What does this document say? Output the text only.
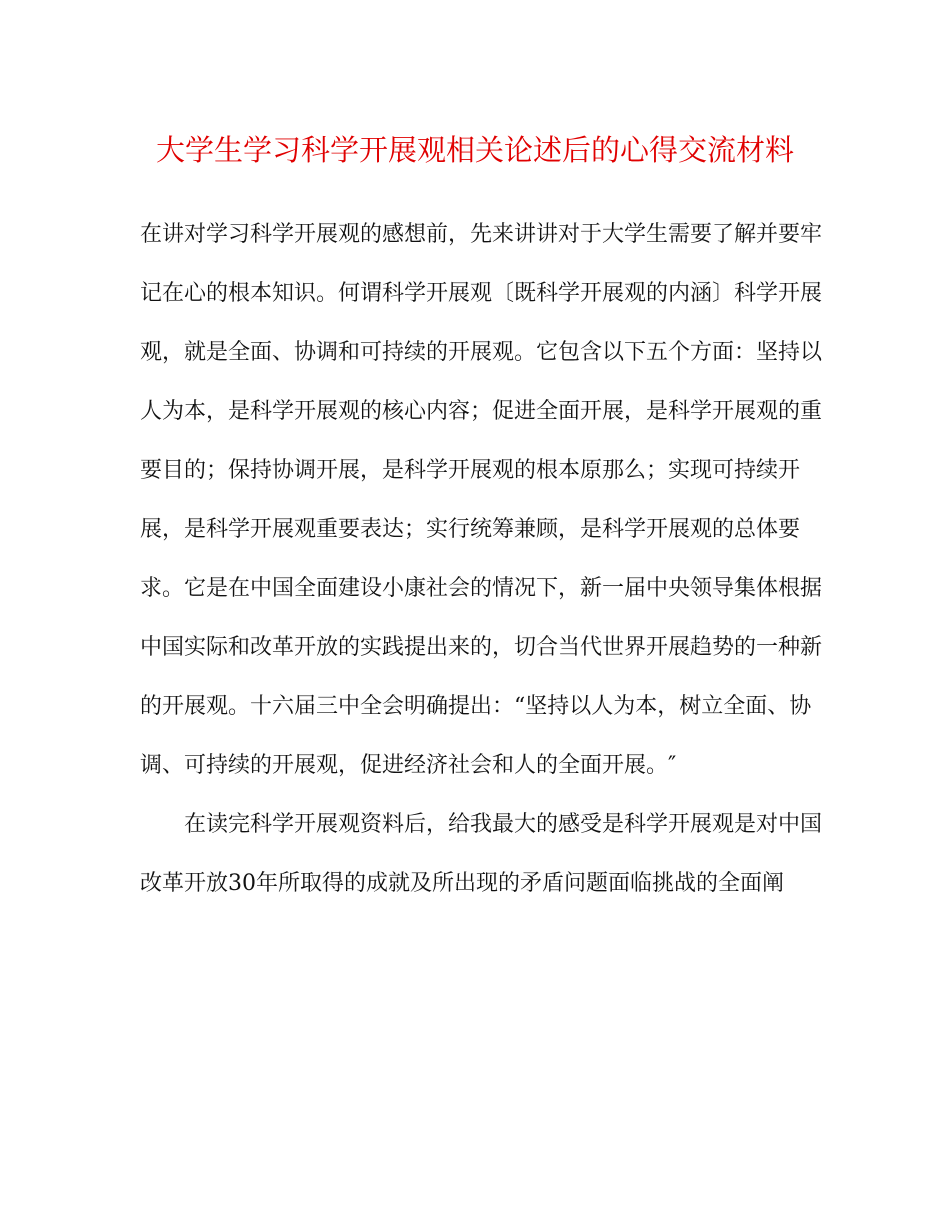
大学生学习科学开展观相关论述后的心得交流材料

在讲对学习科学开展观的感想前，先来讲讲对于大学生需要了解并要牢
记在心的根本知识。何谓科学开展观〔既科学开展观的内涵〕科学开展
观，就是全面、协调和可持续的开展观。它包含以下五个方面：坚持以
人为本，是科学开展观的核心内容；促进全面开展，是科学开展观的重
要目的；保持协调开展，是科学开展观的根本原那么；实现可持续开
展，是科学开展观重要表达；实行统筹兼顾，是科学开展观的总体要
求。它是在中国全面建设小康社会的情况下，新一届中央领导集体根据
中国实际和改革开放的实践提出来的，切合当代世界开展趋势的一种新
的开展观。十六届三中全会明确提出：“坚持以人为本，树立全面、协
调、可持续的开展观，促进经济社会和人的全面开展。″

在读完科学开展观资料后，给我最大的感受是科学开展观是对中国
改革开放30年所取得的成就及所出现的矛盾问题面临挑战的全面阐
